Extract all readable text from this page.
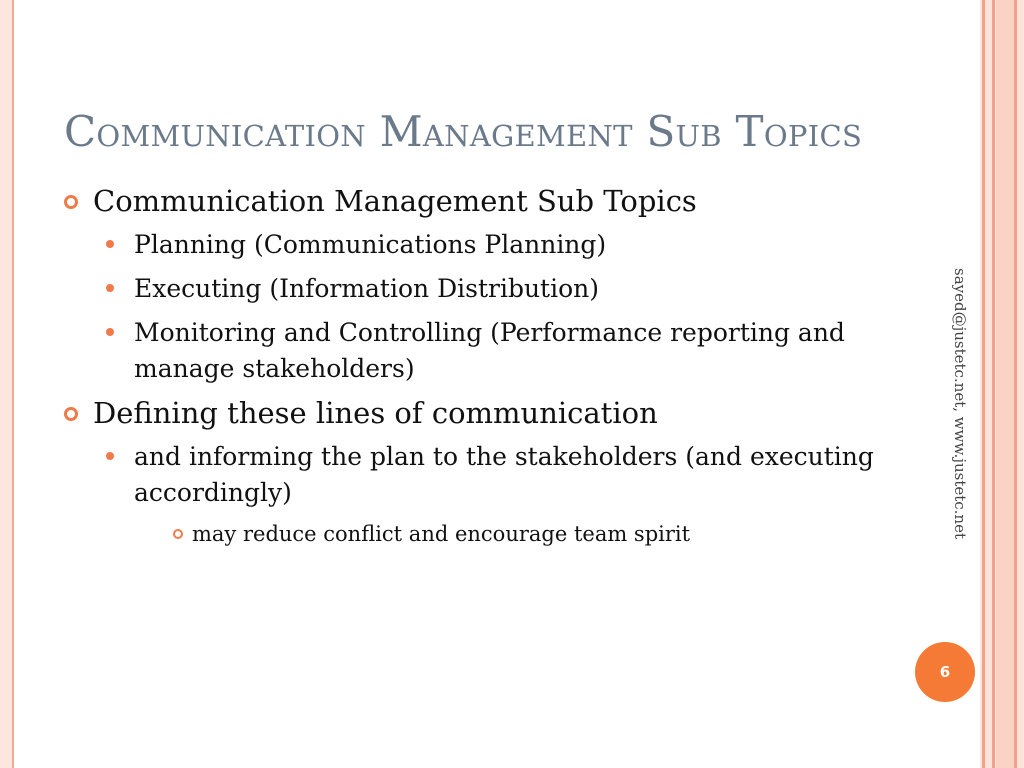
Communication Management Sub Topics
Communication Management Sub Topics
Planning (Communications Planning)
Executing (Information Distribution)
Monitoring and Controlling (Performance reporting and manage stakeholders)
Defining these lines of communication
and informing the plan to the stakeholders (and executing accordingly)
may reduce conflict and encourage team spirit	sayed@justetc.net, www.justetc.net
6
